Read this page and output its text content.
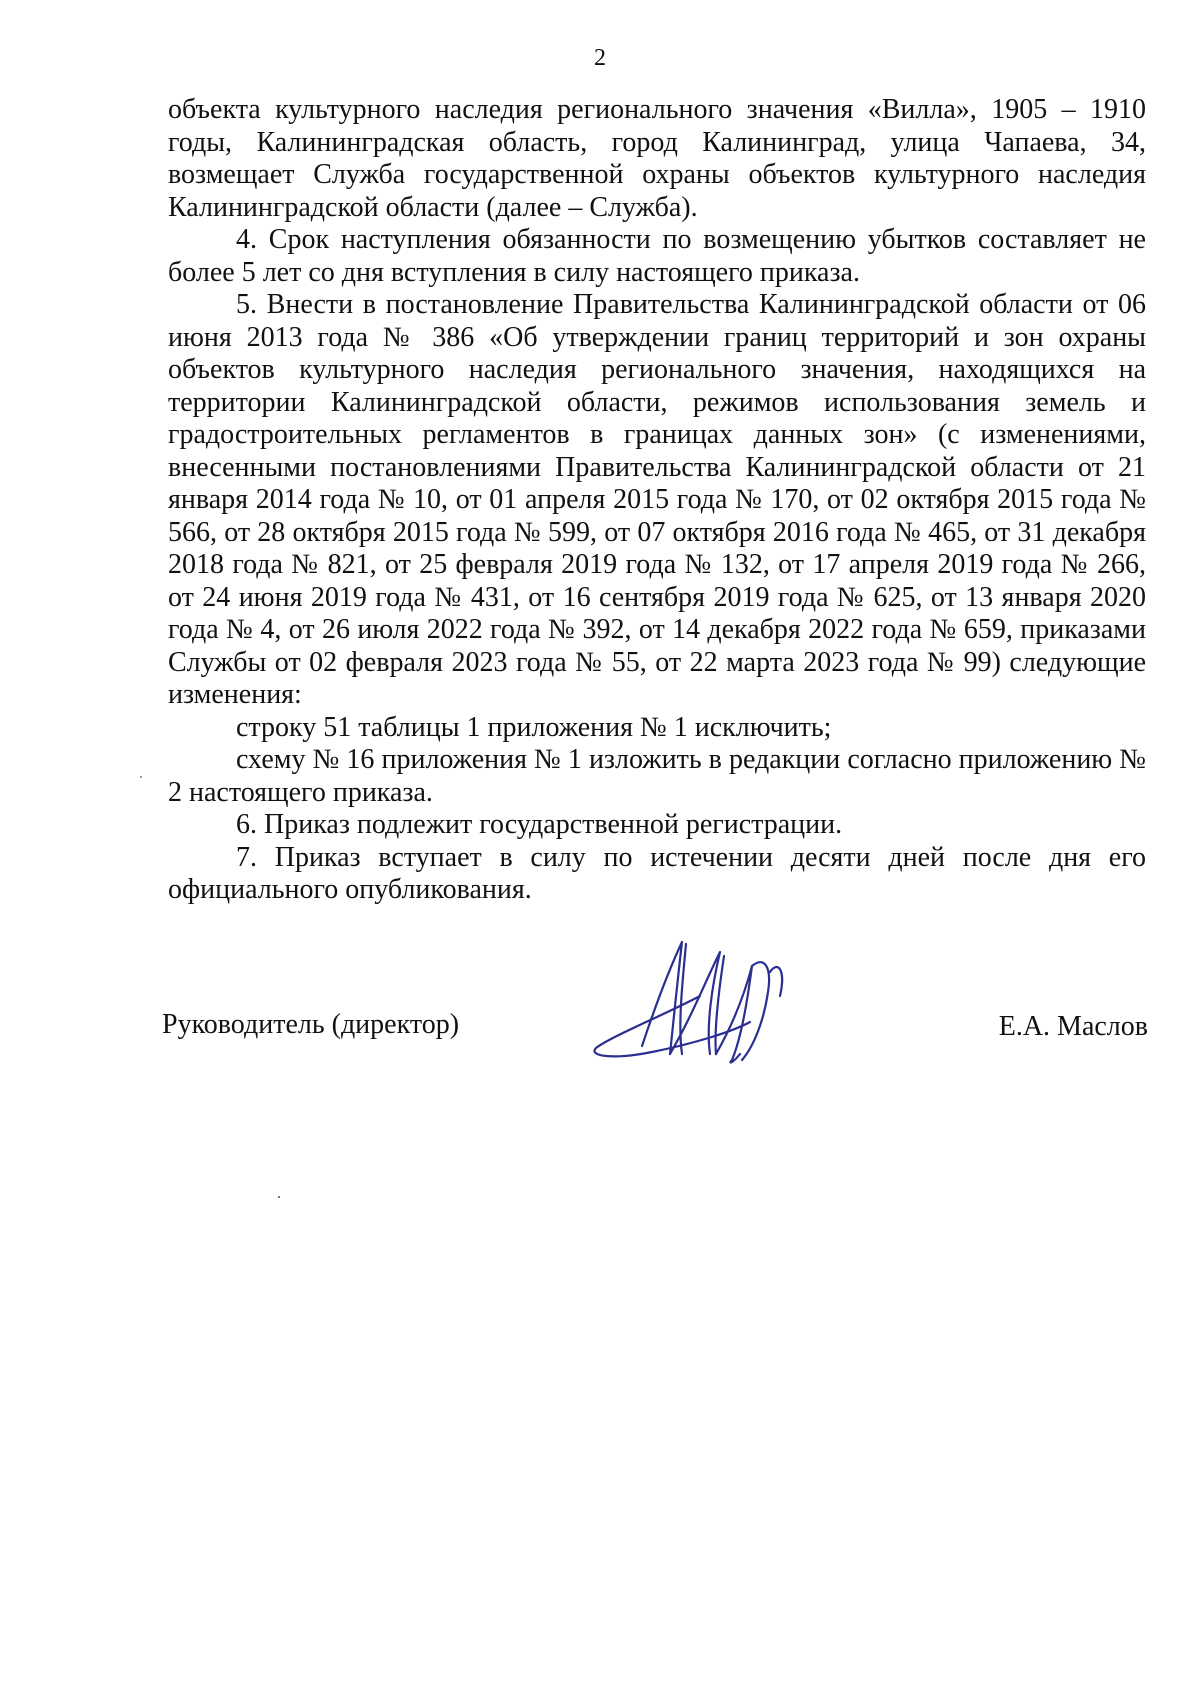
2

объекта культурного наследия регионального значения «Вилла», 1905 – 1910 годы, Калининградская область, город Калининград, улица Чапаева, 34, возмещает Служба государственной охраны объектов культурного наследия Калининградской области (далее – Служба).

4. Срок наступления обязанности по возмещению убытков составляет не более 5 лет со дня вступления в силу настоящего приказа.

5. Внести в постановление Правительства Калининградской области от 06 июня 2013 года № 386 «Об утверждении границ территорий и зон охраны объектов культурного наследия регионального значения, находящихся на территории Калининградской области, режимов использования земель и градостроительных регламентов в границах данных зон» (с изменениями, внесенными постановлениями Правительства Калининградской области от 21 января 2014 года № 10, от 01 апреля 2015 года № 170, от 02 октября 2015 года № 566, от 28 октября 2015 года № 599, от 07 октября 2016 года № 465, от 31 декабря 2018 года № 821, от 25 февраля 2019 года № 132, от 17 апреля 2019 года № 266, от 24 июня 2019 года № 431, от 16 сентября 2019 года № 625, от 13 января 2020 года № 4, от 26 июля 2022 года № 392, от 14 декабря 2022 года № 659, приказами Службы от 02 февраля 2023 года № 55, от 22 марта 2023 года № 99) следующие изменения:

строку 51 таблицы 1 приложения № 1 исключить;

схему № 16 приложения № 1 изложить в редакции согласно приложению № 2 настоящего приказа.

6. Приказ подлежит государственной регистрации.

7. Приказ вступает в силу по истечении десяти дней после дня его официального опубликования.

Руководитель (директор)	Е.А. Маслов
